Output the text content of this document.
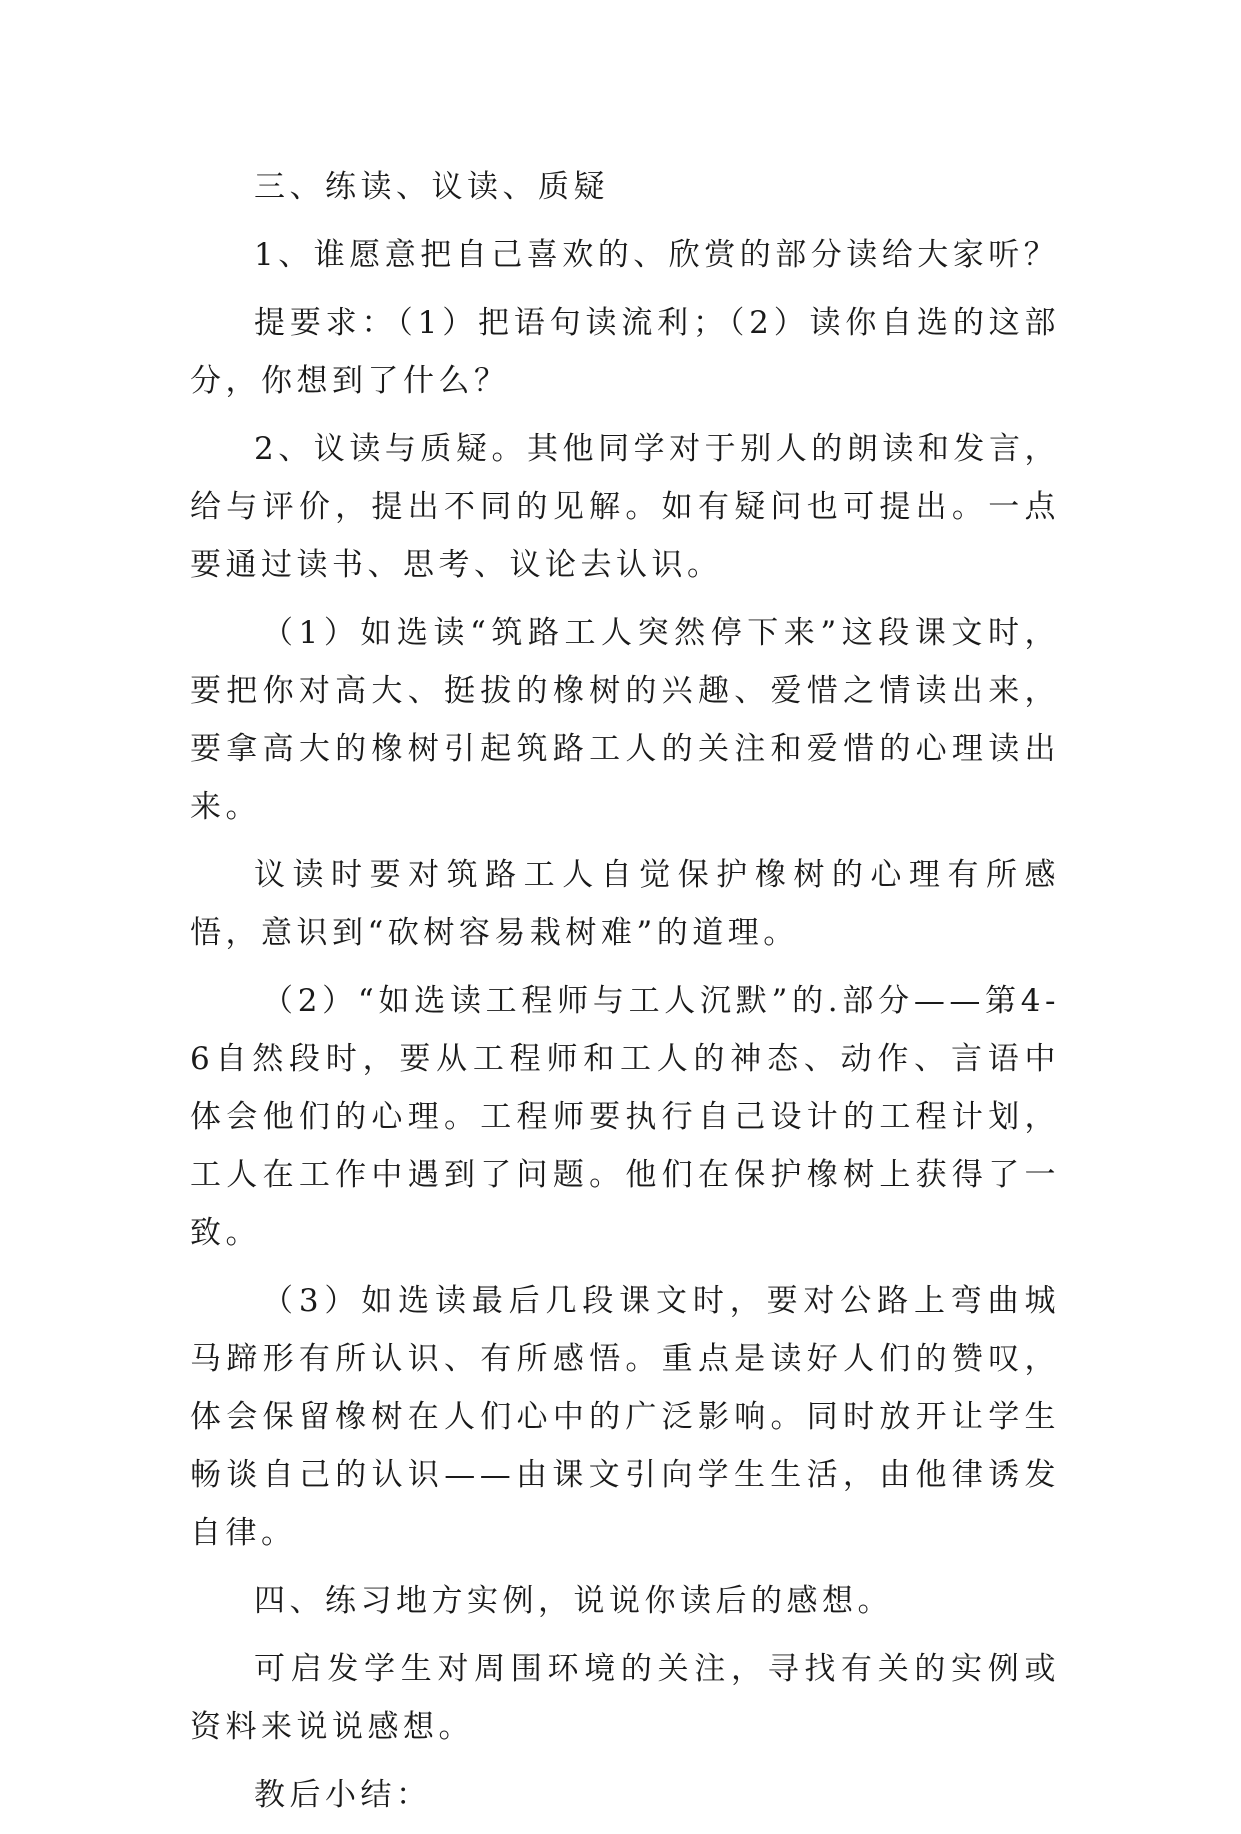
三、练读、议读、质疑

1、谁愿意把自己喜欢的、欣赏的部分读给大家听？

提要求：（1）把语句读流利；（2）读你自选的这部分，你想到了什么？

2、议读与质疑。其他同学对于别人的朗读和发言，给与评价，提出不同的见解。如有疑问也可提出。一点要通过读书、思考、议论去认识。

（1）如选读“筑路工人突然停下来”这段课文时，要把你对高大、挺拔的橡树的兴趣、爱惜之情读出来，要拿高大的橡树引起筑路工人的关注和爱惜的心理读出来。

议读时要对筑路工人自觉保护橡树的心理有所感悟，意识到“砍树容易栽树难”的道理。

（2）“如选读工程师与工人沉默”的.部分——第4-6自然段时，要从工程师和工人的神态、动作、言语中体会他们的心理。工程师要执行自己设计的工程计划，工人在工作中遇到了问题。他们在保护橡树上获得了一致。

（3）如选读最后几段课文时，要对公路上弯曲城马蹄形有所认识、有所感悟。重点是读好人们的赞叹，体会保留橡树在人们心中的广泛影响。同时放开让学生畅谈自己的认识——由课文引向学生生活，由他律诱发自律。

四、练习地方实例，说说你读后的感想。

可启发学生对周围环境的关注，寻找有关的实例或资料来说说感想。

教后小结：
